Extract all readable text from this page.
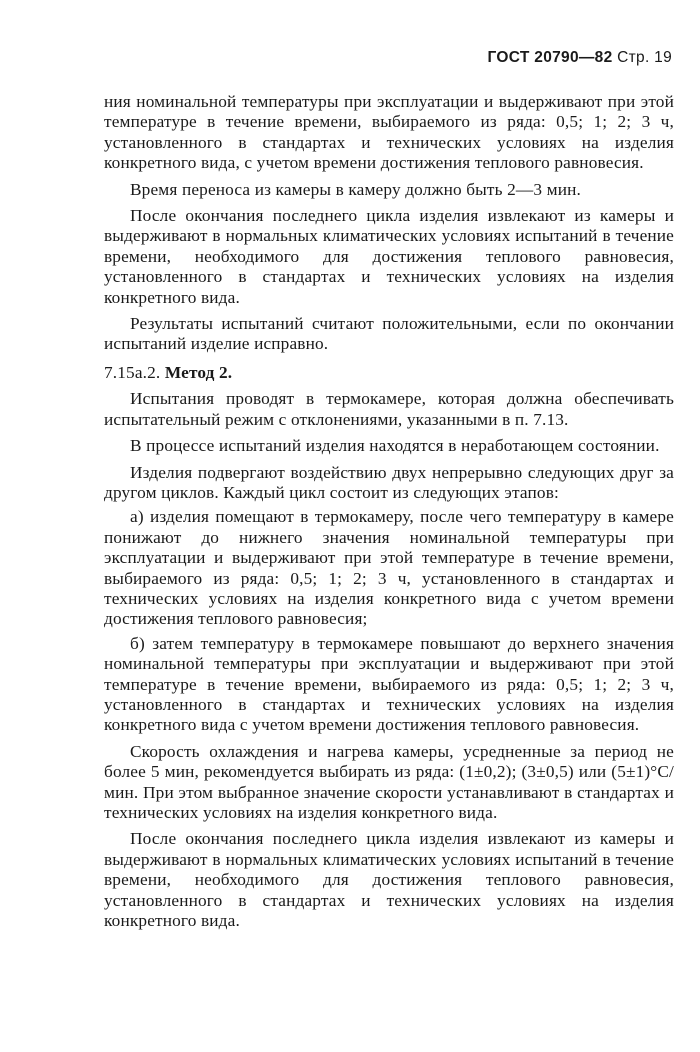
ГОСТ 20790—82 Стр. 19

ния номинальной температуры при эксплуатации и выдерживают при этой температуре в течение времени, выбираемого из ряда: 0,5; 1; 2; 3 ч, установленного в стандартах и технических условиях на изделия конкретного вида, с учетом времени достижения теплового равновесия.

Время переноса из камеры в камеру должно быть 2—3 мин.

После окончания последнего цикла изделия извлекают из камеры и выдерживают в нормальных климатических условиях испытаний в течение времени, необходимого для достижения теплового равновесия, установленного в стандартах и технических условиях на изделия конкретного вида.

Результаты испытаний считают положительными, если по окончании испытаний изделие исправно.

7.15а.2. Метод 2.

Испытания проводят в термокамере, которая должна обеспечивать испытательный режим с отклонениями, указанными в п. 7.13.

В процессе испытаний изделия находятся в неработающем состоянии.

Изделия подвергают воздействию двух непрерывно следующих друг за другом циклов. Каждый цикл состоит из следующих этапов:

а) изделия помещают в термокамеру, после чего температуру в камере понижают до нижнего значения номинальной температуры при эксплуатации и выдерживают при этой температуре в течение времени, выбираемого из ряда: 0,5; 1; 2; 3 ч, установленного в стандартах и технических условиях на изделия конкретного вида с учетом времени достижения теплового равновесия;

б) затем температуру в термокамере повышают до верхнего значения номинальной температуры при эксплуатации и выдерживают при этой температуре в течение времени, выбираемого из ряда: 0,5; 1; 2; 3 ч, установленного в стандартах и технических условиях на изделия конкретного вида с учетом времени достижения теплового равновесия.

Скорость охлаждения и нагрева камеры, усредненные за период не более 5 мин, рекомендуется выбирать из ряда: (1±0,2); (3±0,5) или (5±1)°С/мин. При этом выбранное значение скорости устанавливают в стандартах и технических условиях на изделия конкретного вида.

После окончания последнего цикла изделия извлекают из камеры и выдерживают в нормальных климатических условиях испытаний в течение времени, необходимого для достижения теплового равновесия, установленного в стандартах и технических условиях на изделия конкретного вида.
